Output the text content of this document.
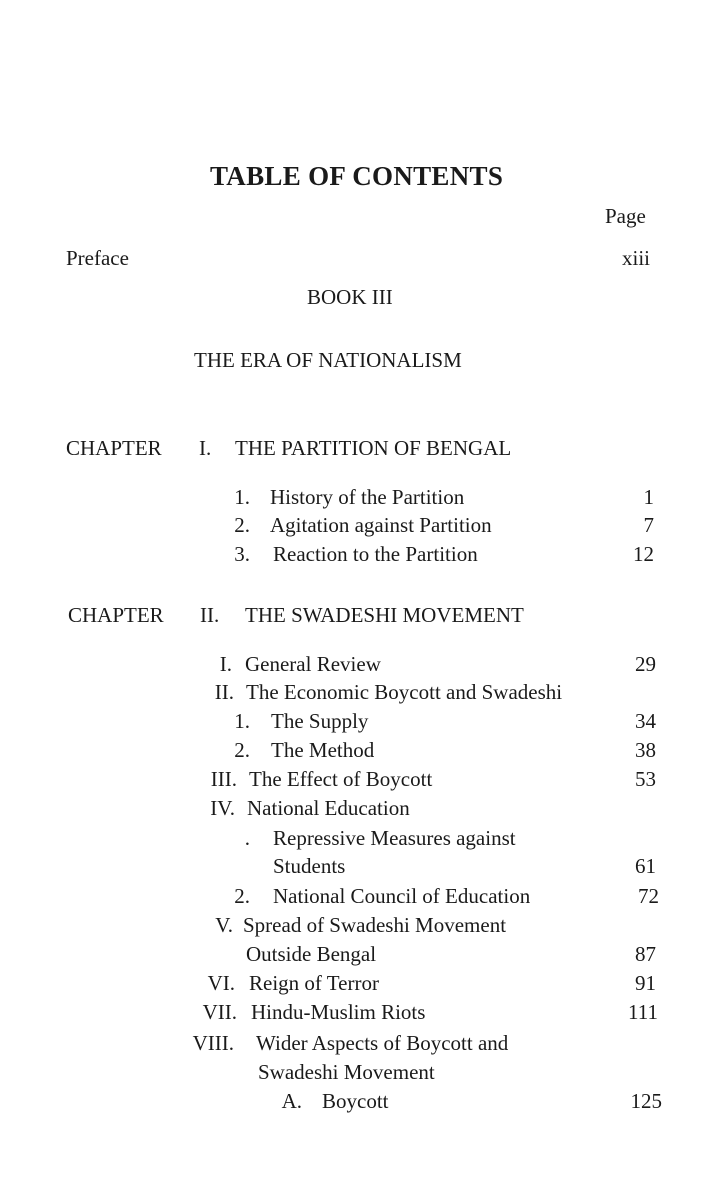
TABLE OF CONTENTS
Page
Preface	xiii
BOOK III
THE ERA OF NATIONALISM
CHAPTER I. THE PARTITION OF BENGAL
1. History of the Partition	1
2. Agitation against Partition	7
3. Reaction to the Partition	12
CHAPTER II. THE SWADESHI MOVEMENT
I. General Review	29
II. The Economic Boycott and Swadeshi
1. The Supply	34
2. The Method	38
III. The Effect of Boycott	53
IV. National Education
. Repressive Measures against
Students	61
2. National Council of Education	72
V. Spread of Swadeshi Movement
Outside Bengal	87
VI. Reign of Terror	91
VII. Hindu-Muslim Riots	111
VIII. Wider Aspects of Boycott and
Swadeshi Movement
A. Boycott	125
